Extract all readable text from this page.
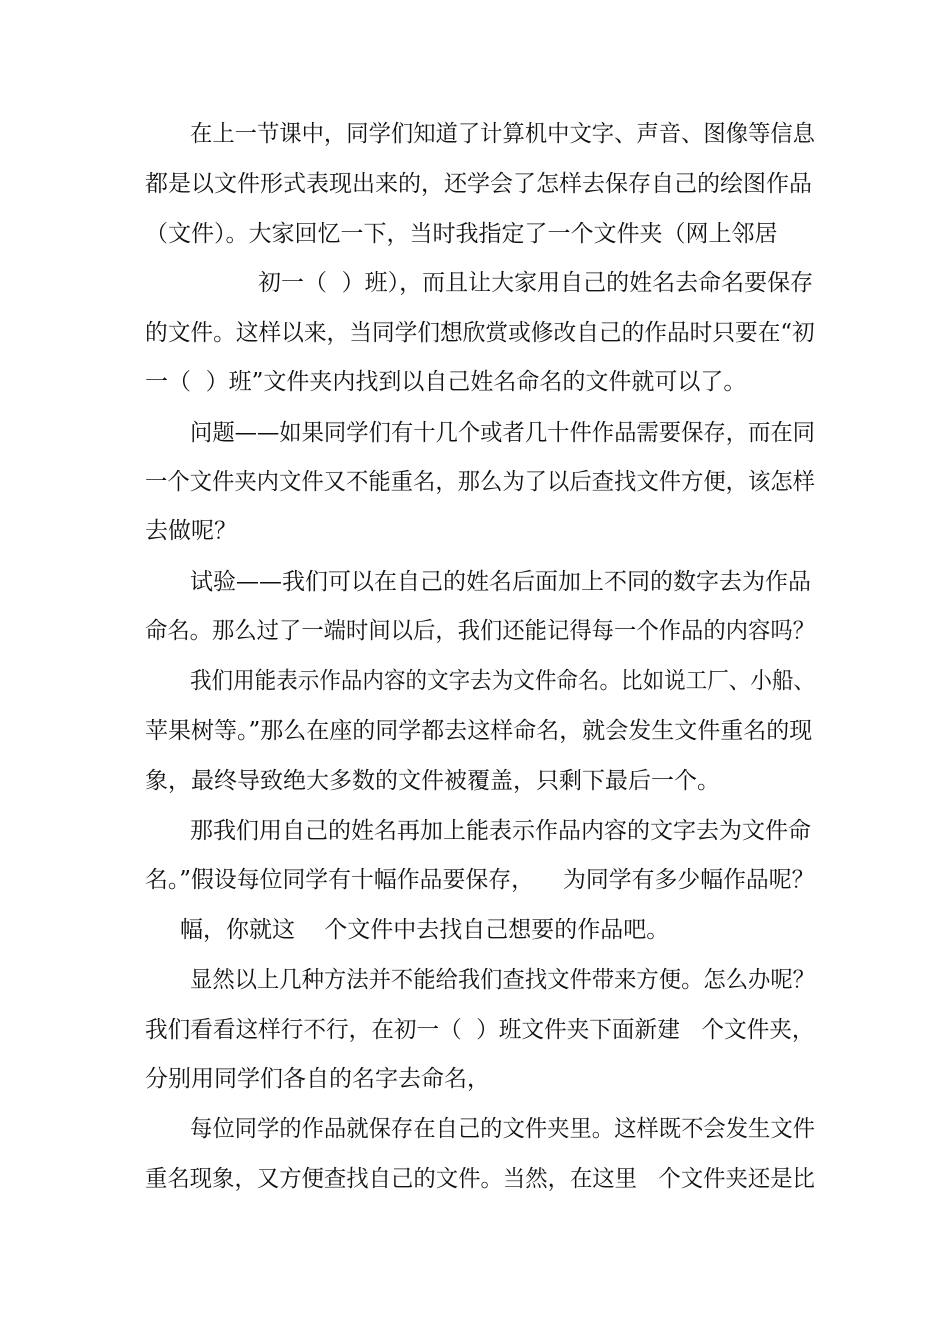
在上一节课中，同学们知道了计算机中文字、声音、图像等信息
都是以文件形式表现出来的，还学会了怎样去保存自己的绘图作品
（文件）。大家回忆一下，当时我指定了一个文件夹（网上邻居
初一（  ）班），而且让大家用自己的姓名去命名要保存
的文件。这样以来，当同学们想欣赏或修改自己的作品时只要在“初
一（  ）班”文件夹内找到以自己姓名命名的文件就可以了。
问题——如果同学们有十几个或者几十件作品需要保存，而在同
一个文件夹内文件又不能重名，那么为了以后查找文件方便，该怎样
去做呢？
试验——我们可以在自己的姓名后面加上不同的数字去为作品
命名。那么过了一端时间以后，我们还能记得每一个作品的内容吗？
我们用能表示作品内容的文字去为文件命名。比如说工厂、小船、
苹果树等。”那么在座的同学都去这样命名，就会发生文件重名的现
象，最终导致绝大多数的文件被覆盖，只剩下最后一个。
那我们用自己的姓名再加上能表示作品内容的文字去为文件命
名。”假设每位同学有十幅作品要保存，    为同学有多少幅作品呢？
幅，你就这    个文件中去找自己想要的作品吧。
显然以上几种方法并不能给我们查找文件带来方便。怎么办呢？
我们看看这样行不行，在初一（  ）班文件夹下面新建   个文件夹，
分别用同学们各自的名字去命名，
每位同学的作品就保存在自己的文件夹里。这样既不会发生文件
重名现象，又方便查找自己的文件。当然，在这里   个文件夹还是比
